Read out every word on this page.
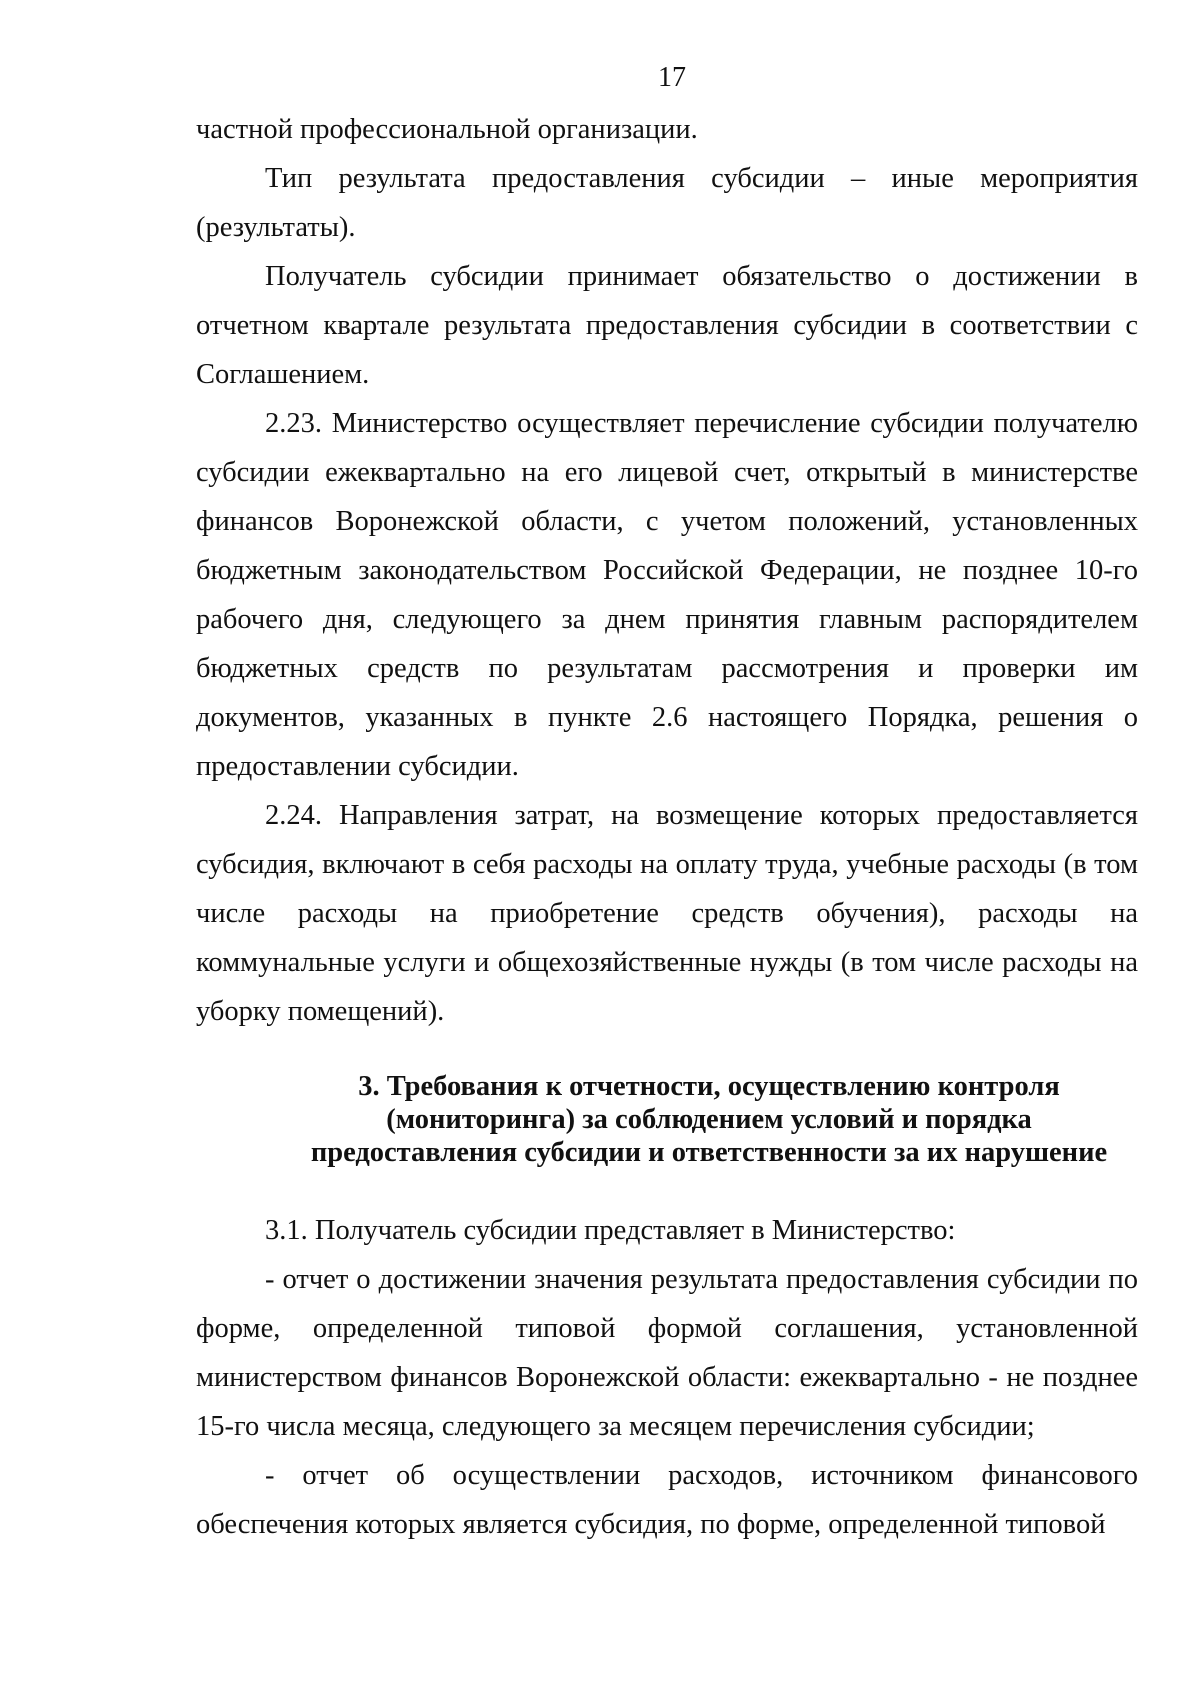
17

частной профессиональной организации.

Тип результата предоставления субсидии – иные мероприятия (результаты).

Получатель субсидии принимает обязательство о достижении в отчетном квартале результата предоставления субсидии в соответствии с Соглашением.

2.23. Министерство осуществляет перечисление субсидии получателю субсидии ежеквартально на его лицевой счет, открытый в министерстве финансов Воронежской области, с учетом положений, установленных бюджетным законодательством Российской Федерации, не позднее 10-го рабочего дня, следующего за днем принятия главным распорядителем бюджетных средств по результатам рассмотрения и проверки им документов, указанных в пункте 2.6 настоящего Порядка, решения о предоставлении субсидии.

2.24. Направления затрат, на возмещение которых предоставляется субсидия, включают в себя расходы на оплату труда, учебные расходы (в том числе расходы на приобретение средств обучения), расходы на коммунальные услуги и общехозяйственные нужды (в том числе расходы на уборку помещений).

3. Требования к отчетности, осуществлению контроля
(мониторинга) за соблюдением условий и порядка
предоставления субсидии и ответственности за их нарушение

3.1. Получатель субсидии представляет в Министерство:

- отчет о достижении значения результата предоставления субсидии по форме, определенной типовой формой соглашения, установленной министерством финансов Воронежской области: ежеквартально - не позднее 15-го числа месяца, следующего за месяцем перечисления субсидии;

- отчет об осуществлении расходов, источником финансового обеспечения которых является субсидия, по форме, определенной типовой
